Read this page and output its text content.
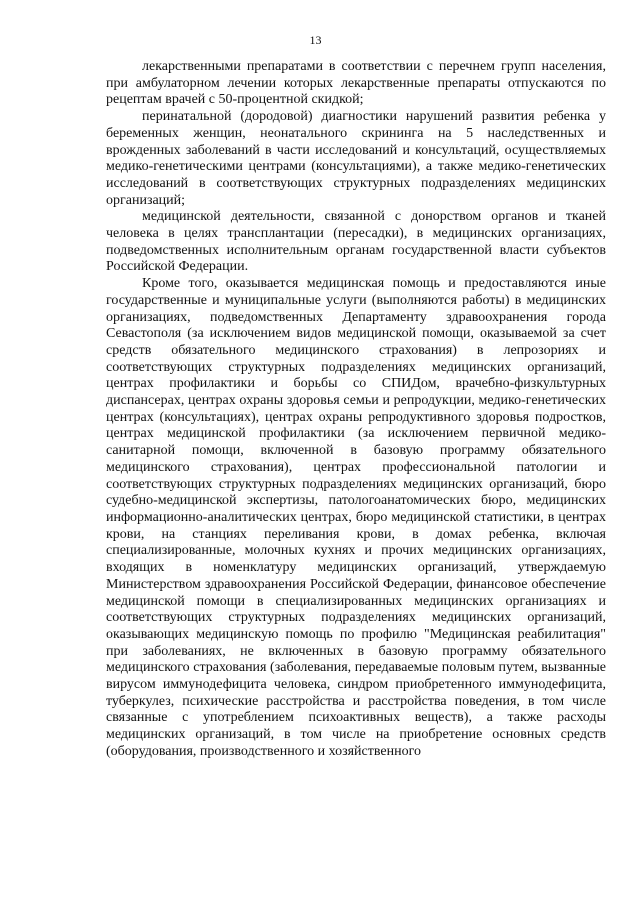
13

лекарственными препаратами в соответствии с перечнем групп населения, при амбулаторном лечении которых лекарственные препараты отпускаются по рецептам врачей с 50-процентной скидкой;

перинатальной (дородовой) диагностики нарушений развития ребенка у беременных женщин, неонатального скрининга на 5 наследственных и врожденных заболеваний в части исследований и консультаций, осуществляемых медико-генетическими центрами (консультациями), а также медико-генетических исследований в соответствующих структурных подразделениях медицинских организаций;

медицинской деятельности, связанной с донорством органов и тканей человека в целях трансплантации (пересадки), в медицинских организациях, подведомственных исполнительным органам государственной власти субъектов Российской Федерации.

Кроме того, оказывается медицинская помощь и предоставляются иные государственные и муниципальные услуги (выполняются работы) в медицинских организациях, подведомственных Департаменту здравоохранения города Севастополя (за исключением видов медицинской помощи, оказываемой за счет средств обязательного медицинского страхования) в лепрозориях и соответствующих структурных подразделениях медицинских организаций, центрах профилактики и борьбы со СПИДом, врачебно-физкультурных диспансерах, центрах охраны здоровья семьи и репродукции, медико-генетических центрах (консультациях), центрах охраны репродуктивного здоровья подростков, центрах медицинской профилактики (за исключением первичной медико-санитарной помощи, включенной в базовую программу обязательного медицинского страхования), центрах профессиональной патологии и соответствующих структурных подразделениях медицинских организаций, бюро судебно-медицинской экспертизы, патологоанатомических бюро, медицинских информационно-аналитических центрах, бюро медицинской статистики, в центрах крови, на станциях переливания крови, в домах ребенка, включая специализированные, молочных кухнях и прочих медицинских организациях, входящих в номенклатуру медицинских организаций, утверждаемую Министерством здравоохранения Российской Федерации, финансовое обеспечение медицинской помощи в специализированных медицинских организациях и соответствующих структурных подразделениях медицинских организаций, оказывающих медицинскую помощь по профилю "Медицинская реабилитация" при заболеваниях, не включенных в базовую программу обязательного медицинского страхования (заболевания, передаваемые половым путем, вызванные вирусом иммунодефицита человека, синдром приобретенного иммунодефицита, туберкулез, психические расстройства и расстройства поведения, в том числе связанные с употреблением психоактивных веществ), а также расходы медицинских организаций, в том числе на приобретение основных средств (оборудования, производственного и хозяйственного
